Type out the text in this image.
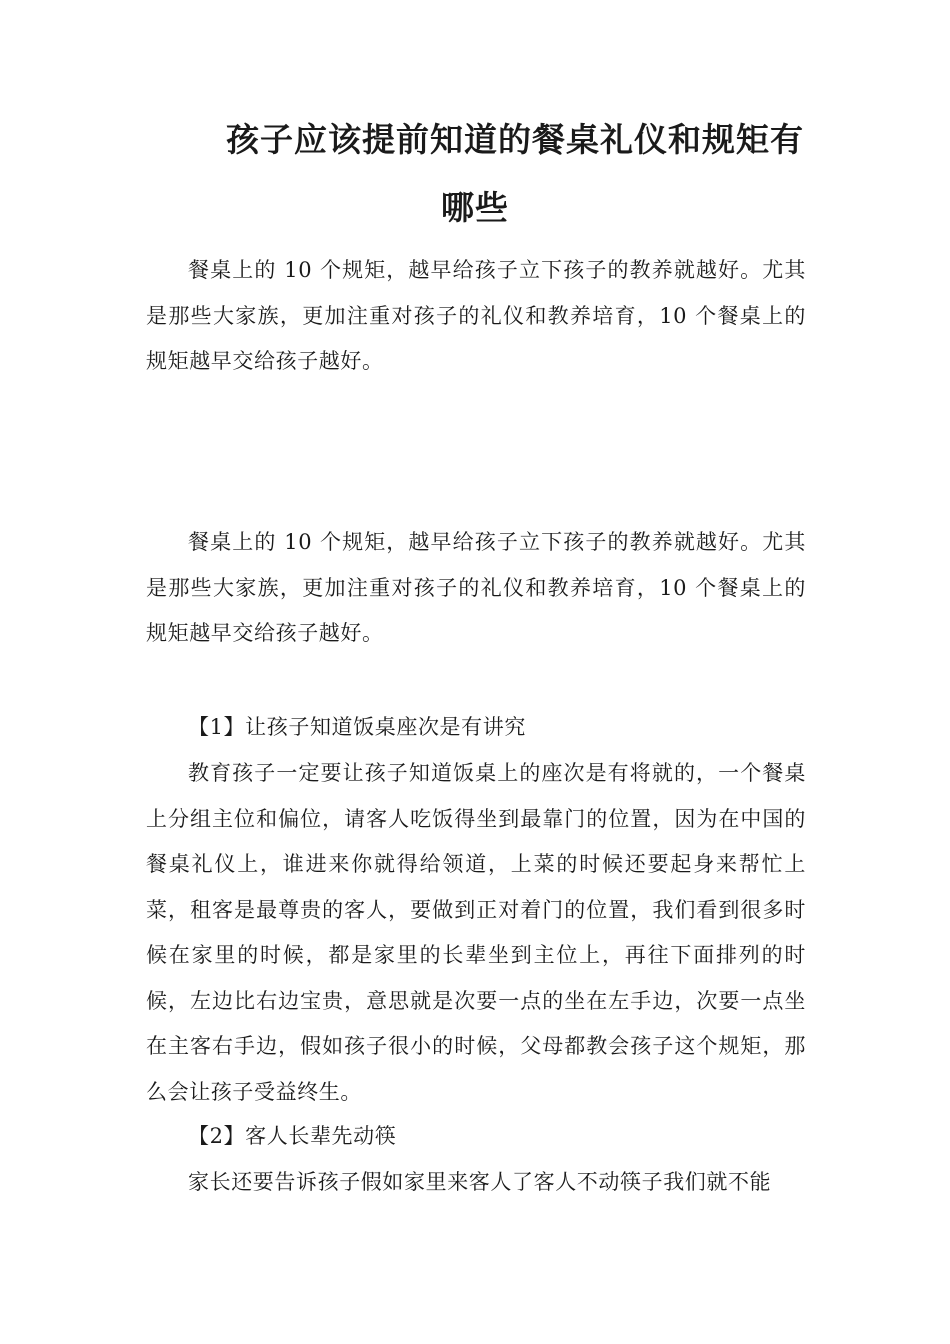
孩子应该提前知道的餐桌礼仪和规矩有
哪些

餐桌上的 10 个规矩，越早给孩子立下孩子的教养就越好。尤其是那些大家族，更加注重对孩子的礼仪和教养培育，10 个餐桌上的规矩越早交给孩子越好。

餐桌上的 10 个规矩，越早给孩子立下孩子的教养就越好。尤其是那些大家族，更加注重对孩子的礼仪和教养培育，10 个餐桌上的规矩越早交给孩子越好。

【1】让孩子知道饭桌座次是有讲究

教育孩子一定要让孩子知道饭桌上的座次是有将就的，一个餐桌上分组主位和偏位，请客人吃饭得坐到最靠门的位置，因为在中国的餐桌礼仪上，谁进来你就得给领道，上菜的时候还要起身来帮忙上菜，租客是最尊贵的客人，要做到正对着门的位置，我们看到很多时候在家里的时候，都是家里的长辈坐到主位上，再往下面排列的时候，左边比右边宝贵，意思就是次要一点的坐在左手边，次要一点坐在主客右手边，假如孩子很小的时候，父母都教会孩子这个规矩，那么会让孩子受益终生。

【2】客人长辈先动筷

家长还要告诉孩子假如家里来客人了客人不动筷子我们就不能
